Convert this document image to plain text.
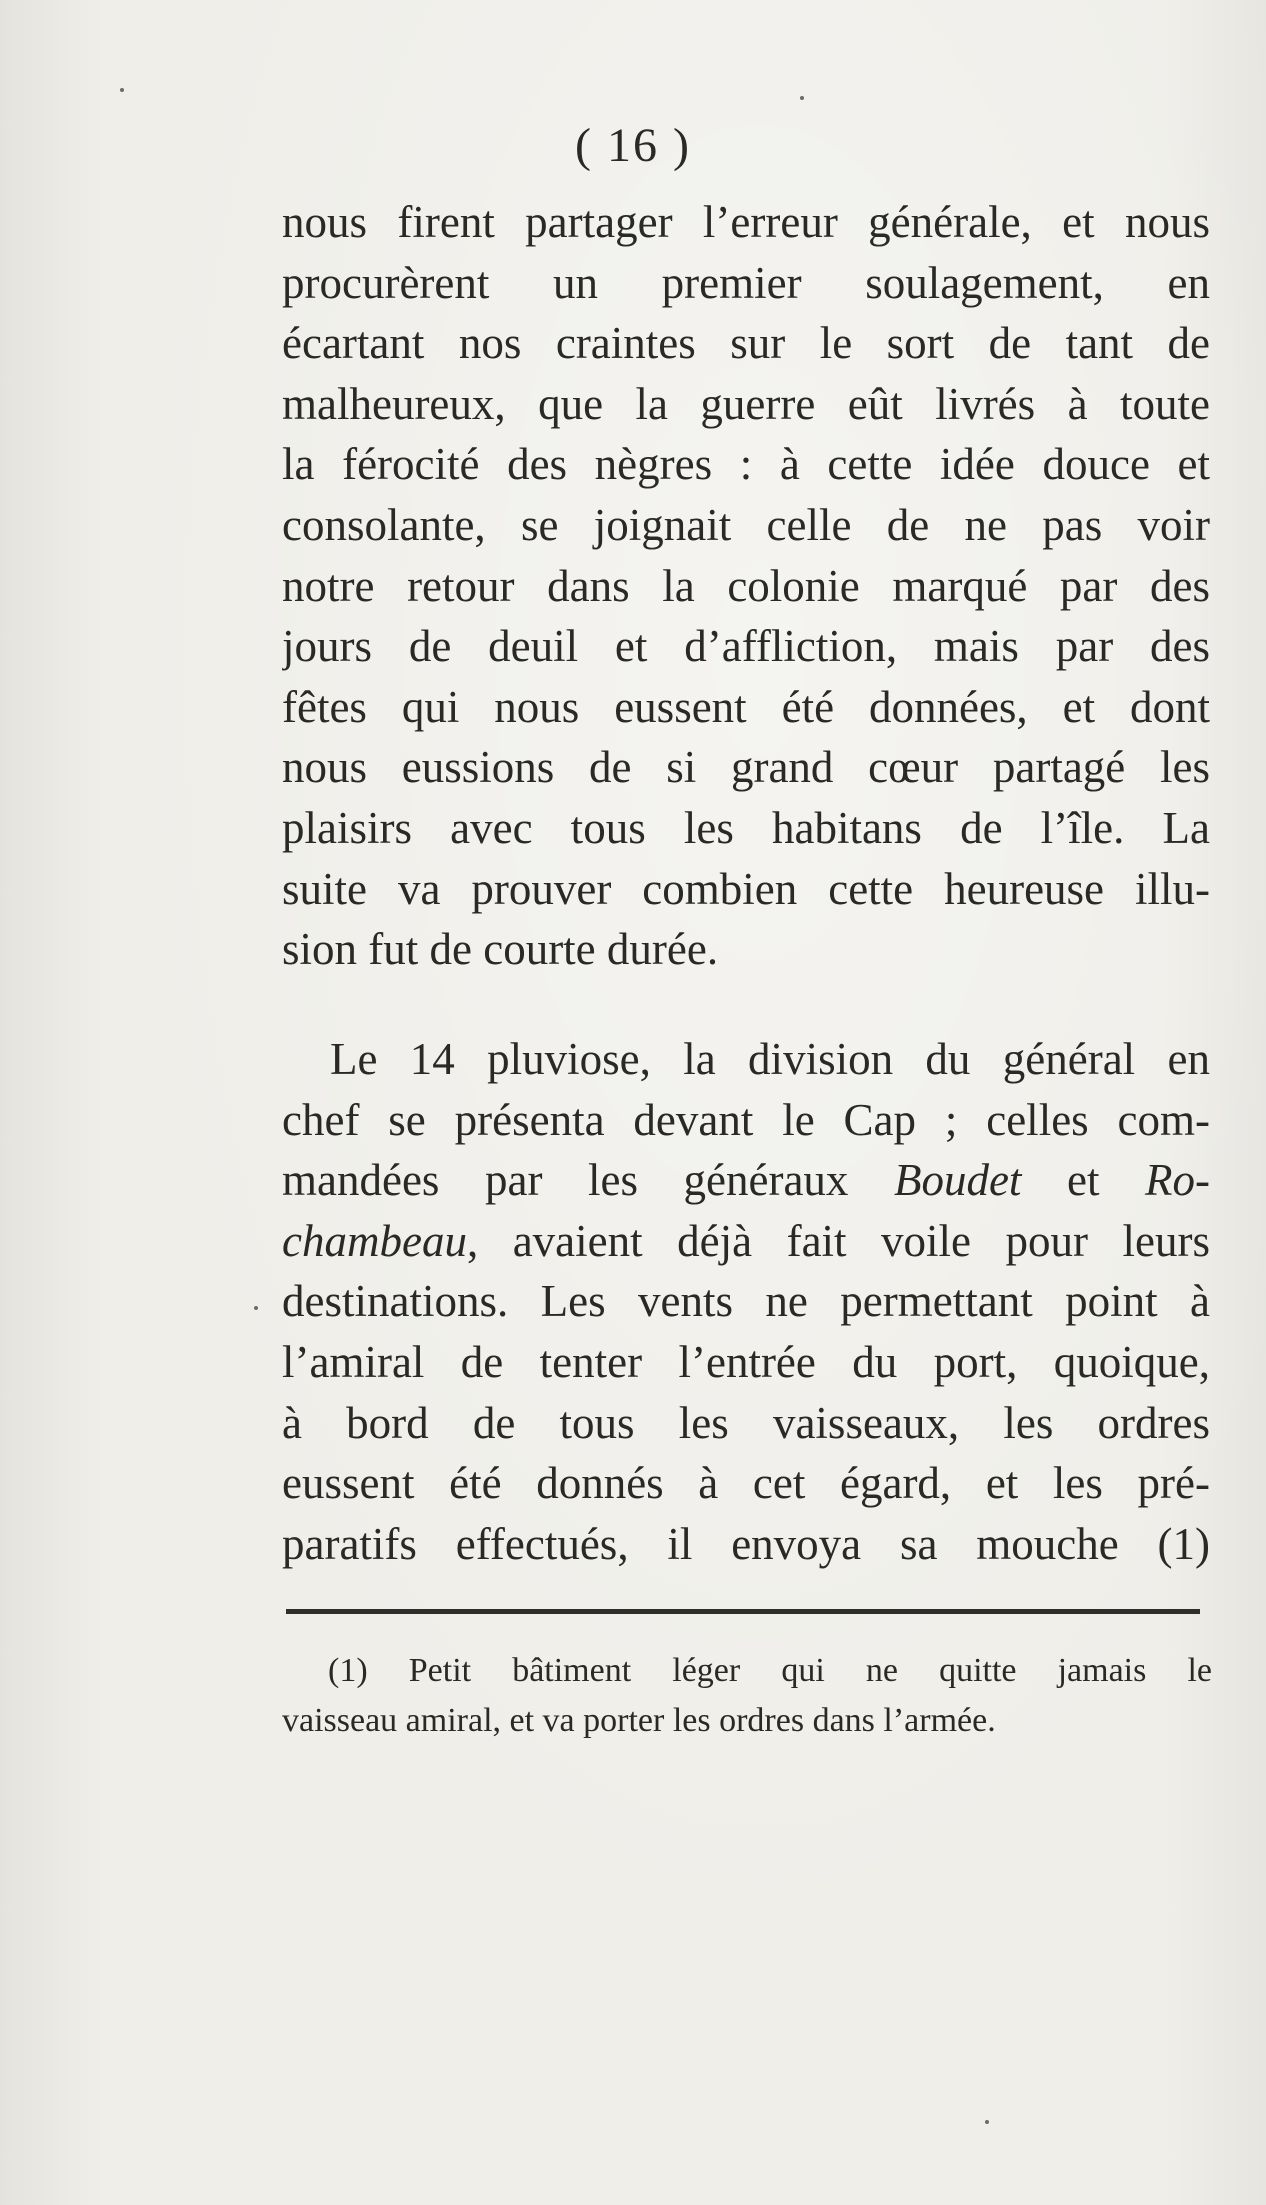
( 16 )
nous firent partager l’erreur générale, et nous
procurèrent un premier soulagement, en
écartant nos craintes sur le sort de tant de
malheureux, que la guerre eût livrés à toute
la férocité des nègres : à cette idée douce et
consolante, se joignait celle de ne pas voir
notre retour dans la colonie marqué par des
jours de deuil et d’affliction, mais par des
fêtes qui nous eussent été données, et dont
nous eussions de si grand cœur partagé les
plaisirs avec tous les habitans de l’île. La
suite va prouver combien cette heureuse illu-
sion fut de courte durée.
Le 14 pluviose, la division du général en
chef se présenta devant le Cap ; celles com-
mandées par les généraux Boudet et Ro-
chambeau, avaient déjà fait voile pour leurs
destinations. Les vents ne permettant point à
l’amiral de tenter l’entrée du port, quoique,
à bord de tous les vaisseaux, les ordres
eussent été donnés à cet égard, et les pré-
paratifs effectués, il envoya sa mouche (1)
(1) Petit bâtiment léger qui ne quitte jamais le
vaisseau amiral, et va porter les ordres dans l’armée.
